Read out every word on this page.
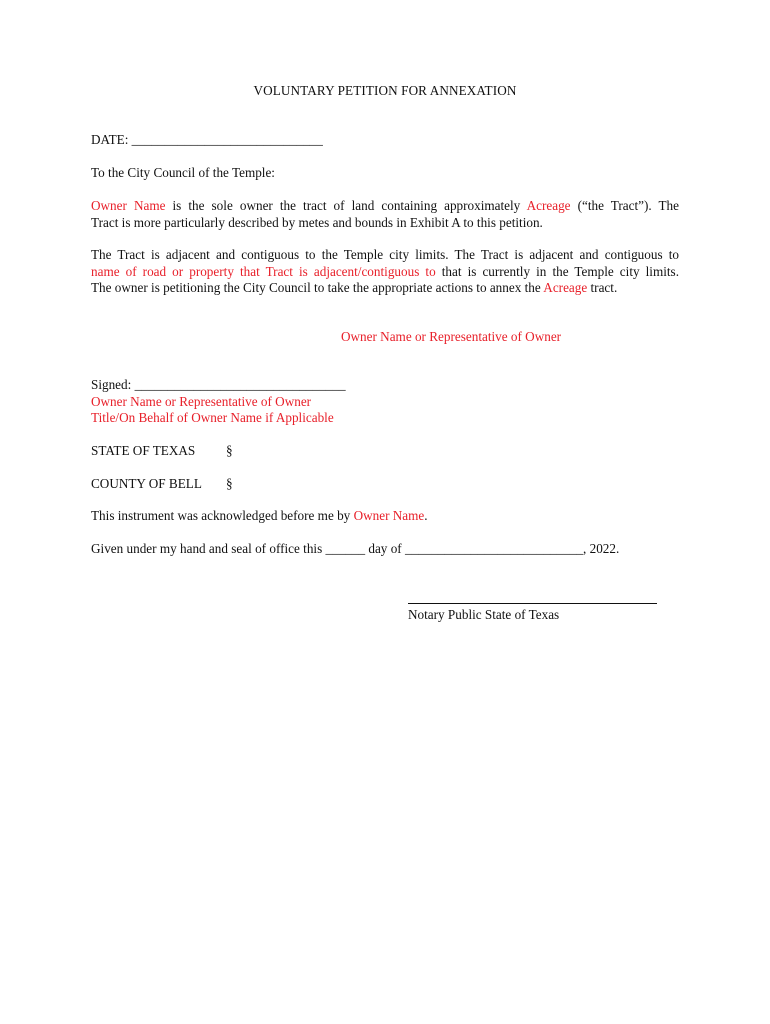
VOLUNTARY PETITION FOR ANNEXATION
DATE: _____________________________
To the City Council of the Temple:
Owner Name is the sole owner the tract of land containing approximately Acreage (“the Tract”). The
Tract is more particularly described by metes and bounds in Exhibit A to this petition.
The Tract is adjacent and contiguous to the Temple city limits. The Tract is adjacent and contiguous to
name of road or property that Tract is adjacent/contiguous to that is currently in the Temple city limits.
The owner is petitioning the City Council to take the appropriate actions to annex the Acreage tract.
Owner Name or Representative of Owner
Signed: ________________________________
Owner Name or Representative of Owner
Title/On Behalf of Owner Name if Applicable
STATE OF TEXAS §
COUNTY OF BELL §
This instrument was acknowledged before me by Owner Name.
Given under my hand and seal of office this ______ day of ___________________________, 2022.
Notary Public State of Texas
